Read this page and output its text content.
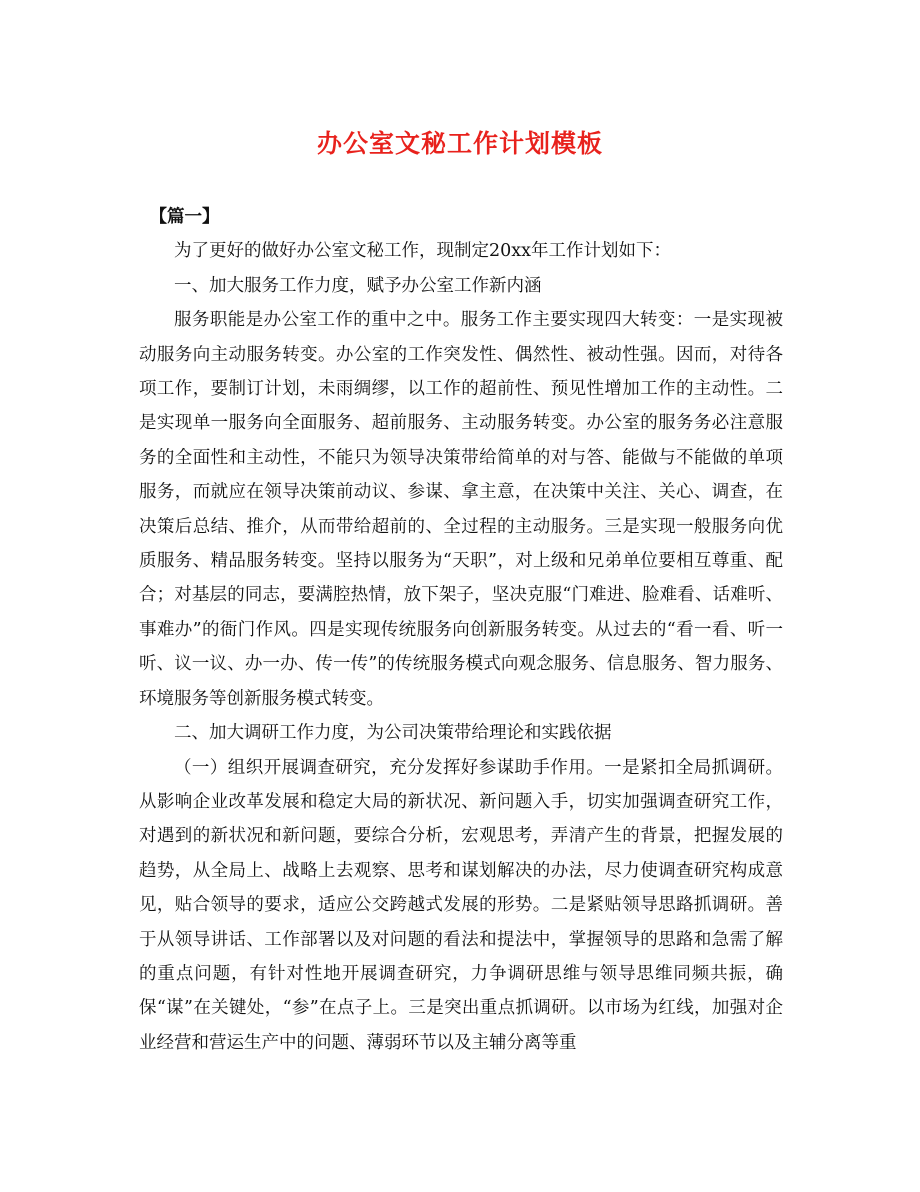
办公室文秘工作计划模板

【篇一】

为了更好的做好办公室文秘工作，现制定20xx年工作计划如下：

一、加大服务工作力度，赋予办公室工作新内涵

服务职能是办公室工作的重中之中。服务工作主要实现四大转变：一是实现被动服务向主动服务转变。办公室的工作突发性、偶然性、被动性强。因而，对待各项工作，要制订计划，未雨绸缪，以工作的超前性、预见性增加工作的主动性。二是实现单一服务向全面服务、超前服务、主动服务转变。办公室的服务务必注意服务的全面性和主动性，不能只为领导决策带给简单的对与答、能做与不能做的单项服务，而就应在领导决策前动议、参谋、拿主意，在决策中关注、关心、调查，在决策后总结、推介，从而带给超前的、全过程的主动服务。三是实现一般服务向优质服务、精品服务转变。坚持以服务为“天职”，对上级和兄弟单位要相互尊重、配合；对基层的同志，要满腔热情，放下架子，坚决克服“门难进、脸难看、话难听、事难办”的衙门作风。四是实现传统服务向创新服务转变。从过去的“看一看、听一听、议一议、办一办、传一传”的传统服务模式向观念服务、信息服务、智力服务、环境服务等创新服务模式转变。

二、加大调研工作力度，为公司决策带给理论和实践依据

（一）组织开展调查研究，充分发挥好参谋助手作用。一是紧扣全局抓调研。从影响企业改革发展和稳定大局的新状况、新问题入手，切实加强调查研究工作，对遇到的新状况和新问题，要综合分析，宏观思考，弄清产生的背景，把握发展的趋势，从全局上、战略上去观察、思考和谋划解决的办法，尽力使调查研究构成意见，贴合领导的要求，适应公交跨越式发展的形势。二是紧贴领导思路抓调研。善于从领导讲话、工作部署以及对问题的看法和提法中，掌握领导的思路和急需了解的重点问题，有针对性地开展调查研究，力争调研思维与领导思维同频共振，确保“谋”在关键处，“参”在点子上。三是突出重点抓调研。以市场为红线，加强对企业经营和营运生产中的问题、薄弱环节以及主辅分离等重
